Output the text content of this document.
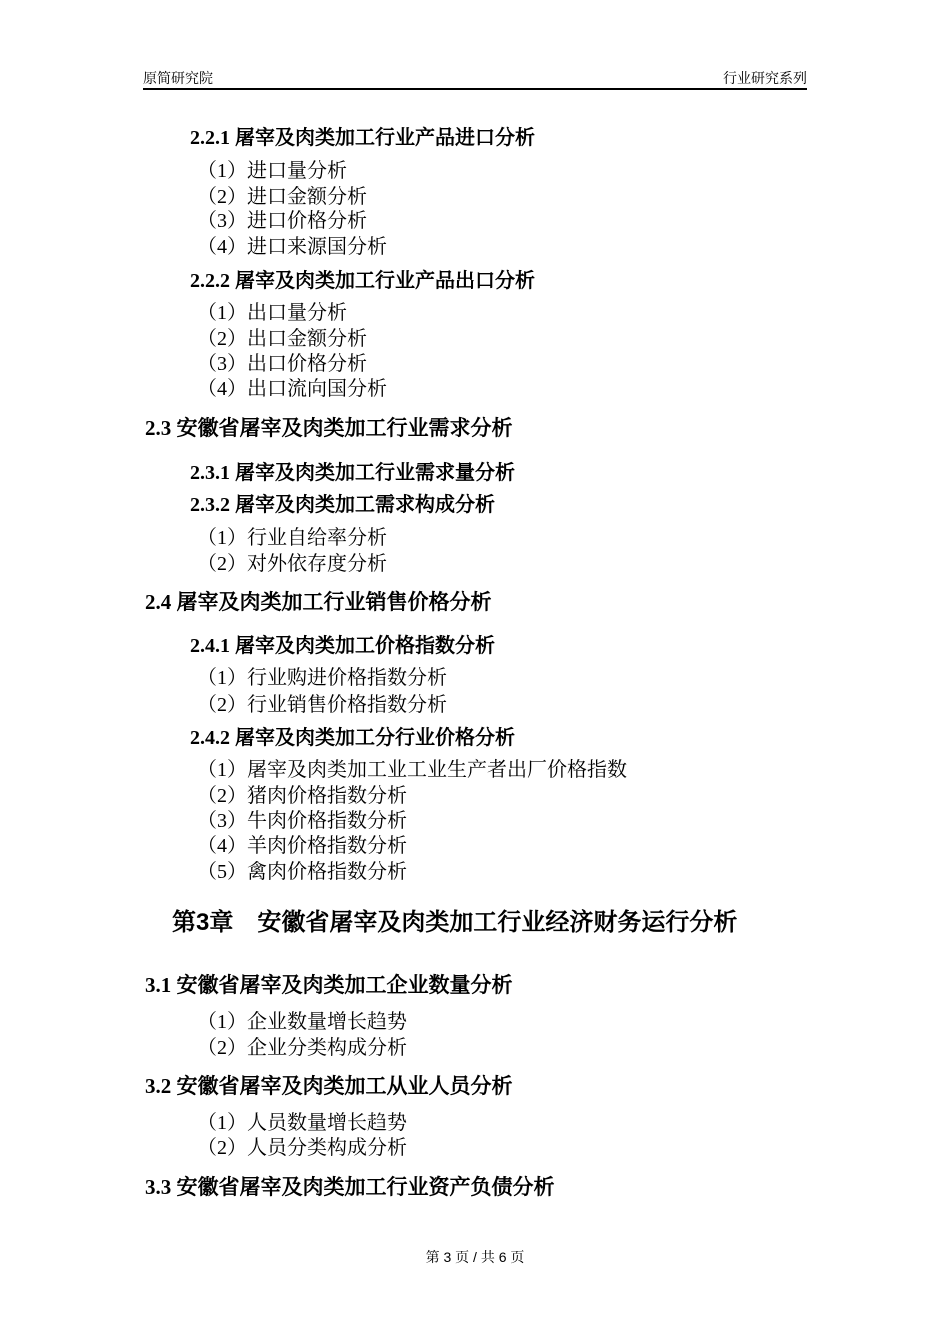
原简研究院	行业研究系列
2.2.1 屠宰及肉类加工行业产品进口分析
（1）进口量分析
（2）进口金额分析
（3）进口价格分析
（4）进口来源国分析
2.2.2 屠宰及肉类加工行业产品出口分析
（1）出口量分析
（2）出口金额分析
（3）出口价格分析
（4）出口流向国分析
2.3 安徽省屠宰及肉类加工行业需求分析
2.3.1 屠宰及肉类加工行业需求量分析
2.3.2 屠宰及肉类加工需求构成分析
（1）行业自给率分析
（2）对外依存度分析
2.4 屠宰及肉类加工行业销售价格分析
2.4.1 屠宰及肉类加工价格指数分析
（1）行业购进价格指数分析
（2）行业销售价格指数分析
2.4.2 屠宰及肉类加工分行业价格分析
（1）屠宰及肉类加工业工业生产者出厂价格指数
（2）猪肉价格指数分析
（3）牛肉价格指数分析
（4）羊肉价格指数分析
（5）禽肉价格指数分析
第3章　安徽省屠宰及肉类加工行业经济财务运行分析
3.1 安徽省屠宰及肉类加工企业数量分析
（1）企业数量增长趋势
（2）企业分类构成分析
3.2 安徽省屠宰及肉类加工从业人员分析
（1）人员数量增长趋势
（2）人员分类构成分析
3.3 安徽省屠宰及肉类加工行业资产负债分析
第 3 页 / 共 6 页
